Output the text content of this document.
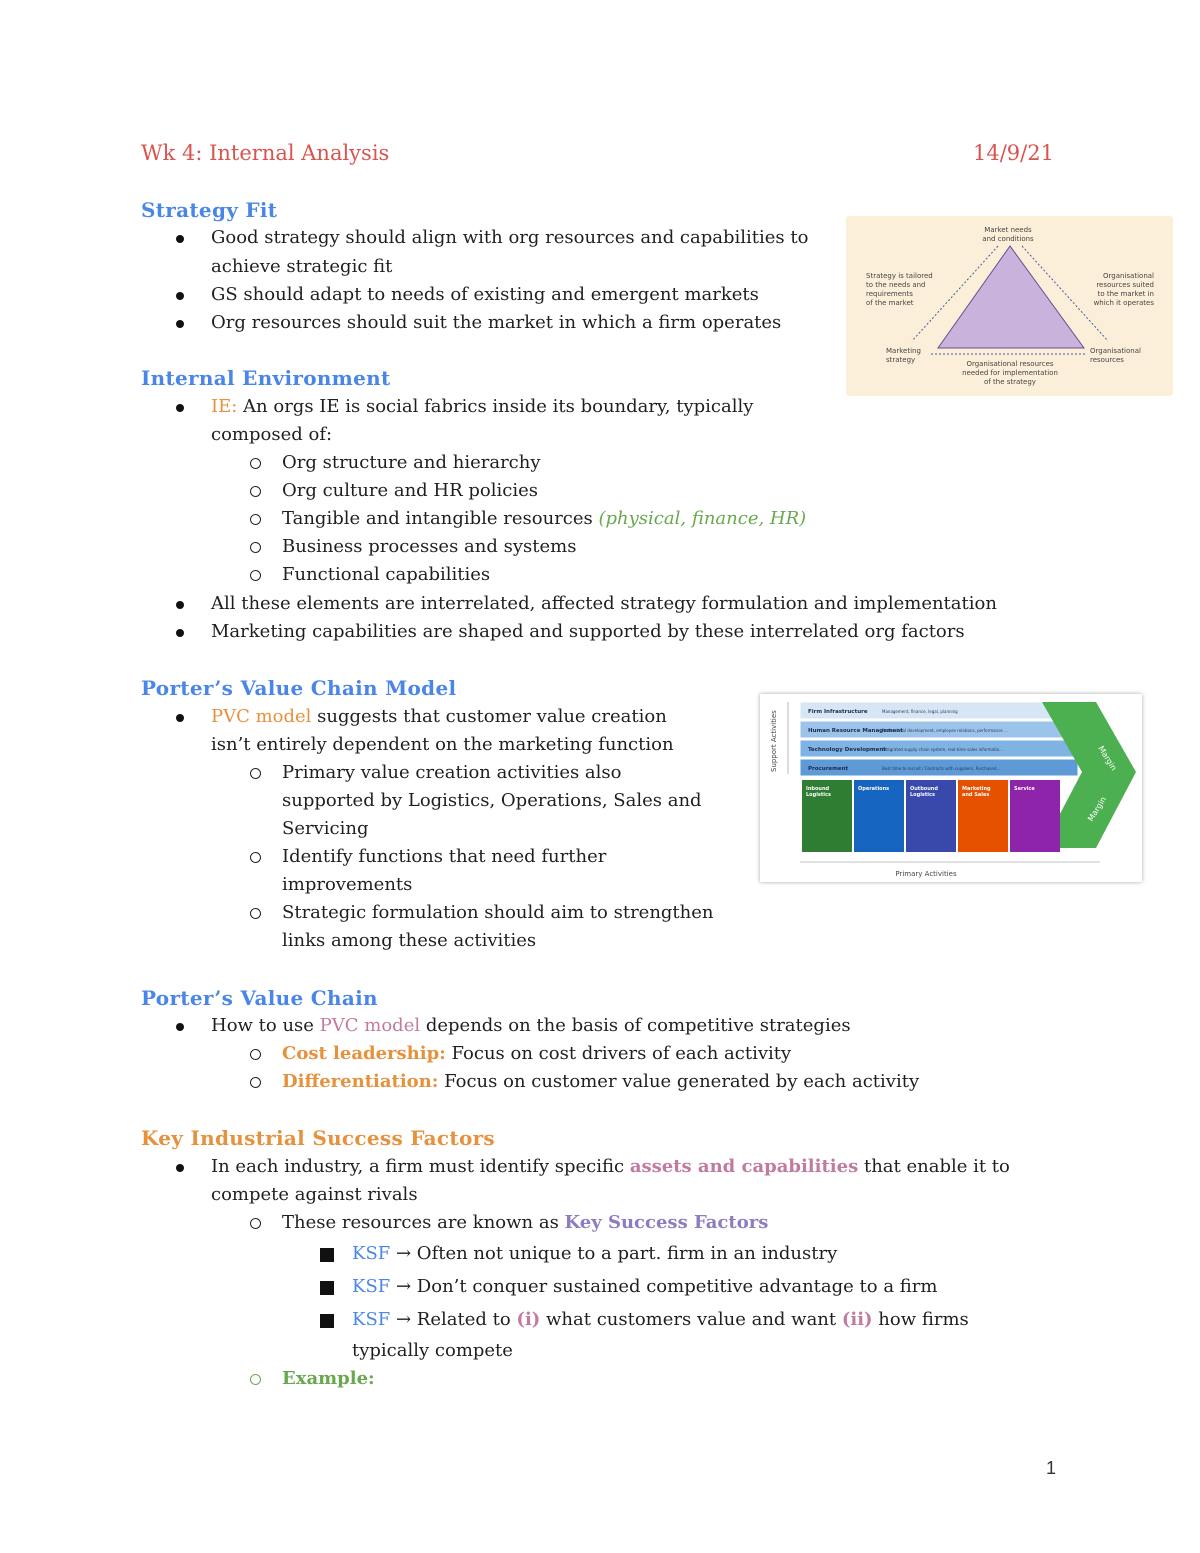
Wk 4: Internal Analysis	14/9/21
Strategy Fit
Good strategy should align with org resources and capabilities to
achieve strategic fit
GS should adapt to needs of existing and emergent markets
Org resources should suit the market in which a firm operates
Market needs and conditions
Strategy is tailored to the needs and requirements of the market
Organisational resources suited to the market in which it operates
Marketing strategy
Organisational resources
Organisational resources needed for implementation of the strategy
Internal Environment
IE: An orgs IE is social fabrics inside its boundary, typically
composed of:
Org structure and hierarchy
Org culture and HR policies
Tangible and intangible resources (physical, finance, HR)
Business processes and systems
Functional capabilities
All these elements are interrelated, affected strategy formulation and implementation
Marketing capabilities are shaped and supported by these interrelated org factors
Porter’s Value Chain Model
PVC model suggests that customer value creation
isn’t entirely dependent on the marketing function
Primary value creation activities also
supported by Logistics, Operations, Sales and
Servicing
Identify functions that need further
improvements
Strategic formulation should aim to strengthen
links among these activities
Support Activities	Firm Infrastructure	Management, finance, legal, planning
Human Resource Management
Professional development, employee relations, performance …
Technology Development
Integrated supply chain system, real-time sales informatio…
Procurement	Best time to recruit / Contracts with suppliers, Purchased…	Margin
Margin
Inbound Logistics
Operations	Outbound Logistics
Marketing and Sales
Service
Primary Activities
Porter’s Value Chain
How to use PVC model depends on the basis of competitive strategies
Cost leadership: Focus on cost drivers of each activity
Differentiation: Focus on customer value generated by each activity
Key Industrial Success Factors
In each industry, a firm must identify specific assets and capabilities that enable it to
compete against rivals
These resources are known as Key Success Factors
KSF → Often not unique to a part. firm in an industry
KSF → Don’t conquer sustained competitive advantage to a firm
KSF → Related to (i) what customers value and want (ii) how firms
typically compete
Example:
1
